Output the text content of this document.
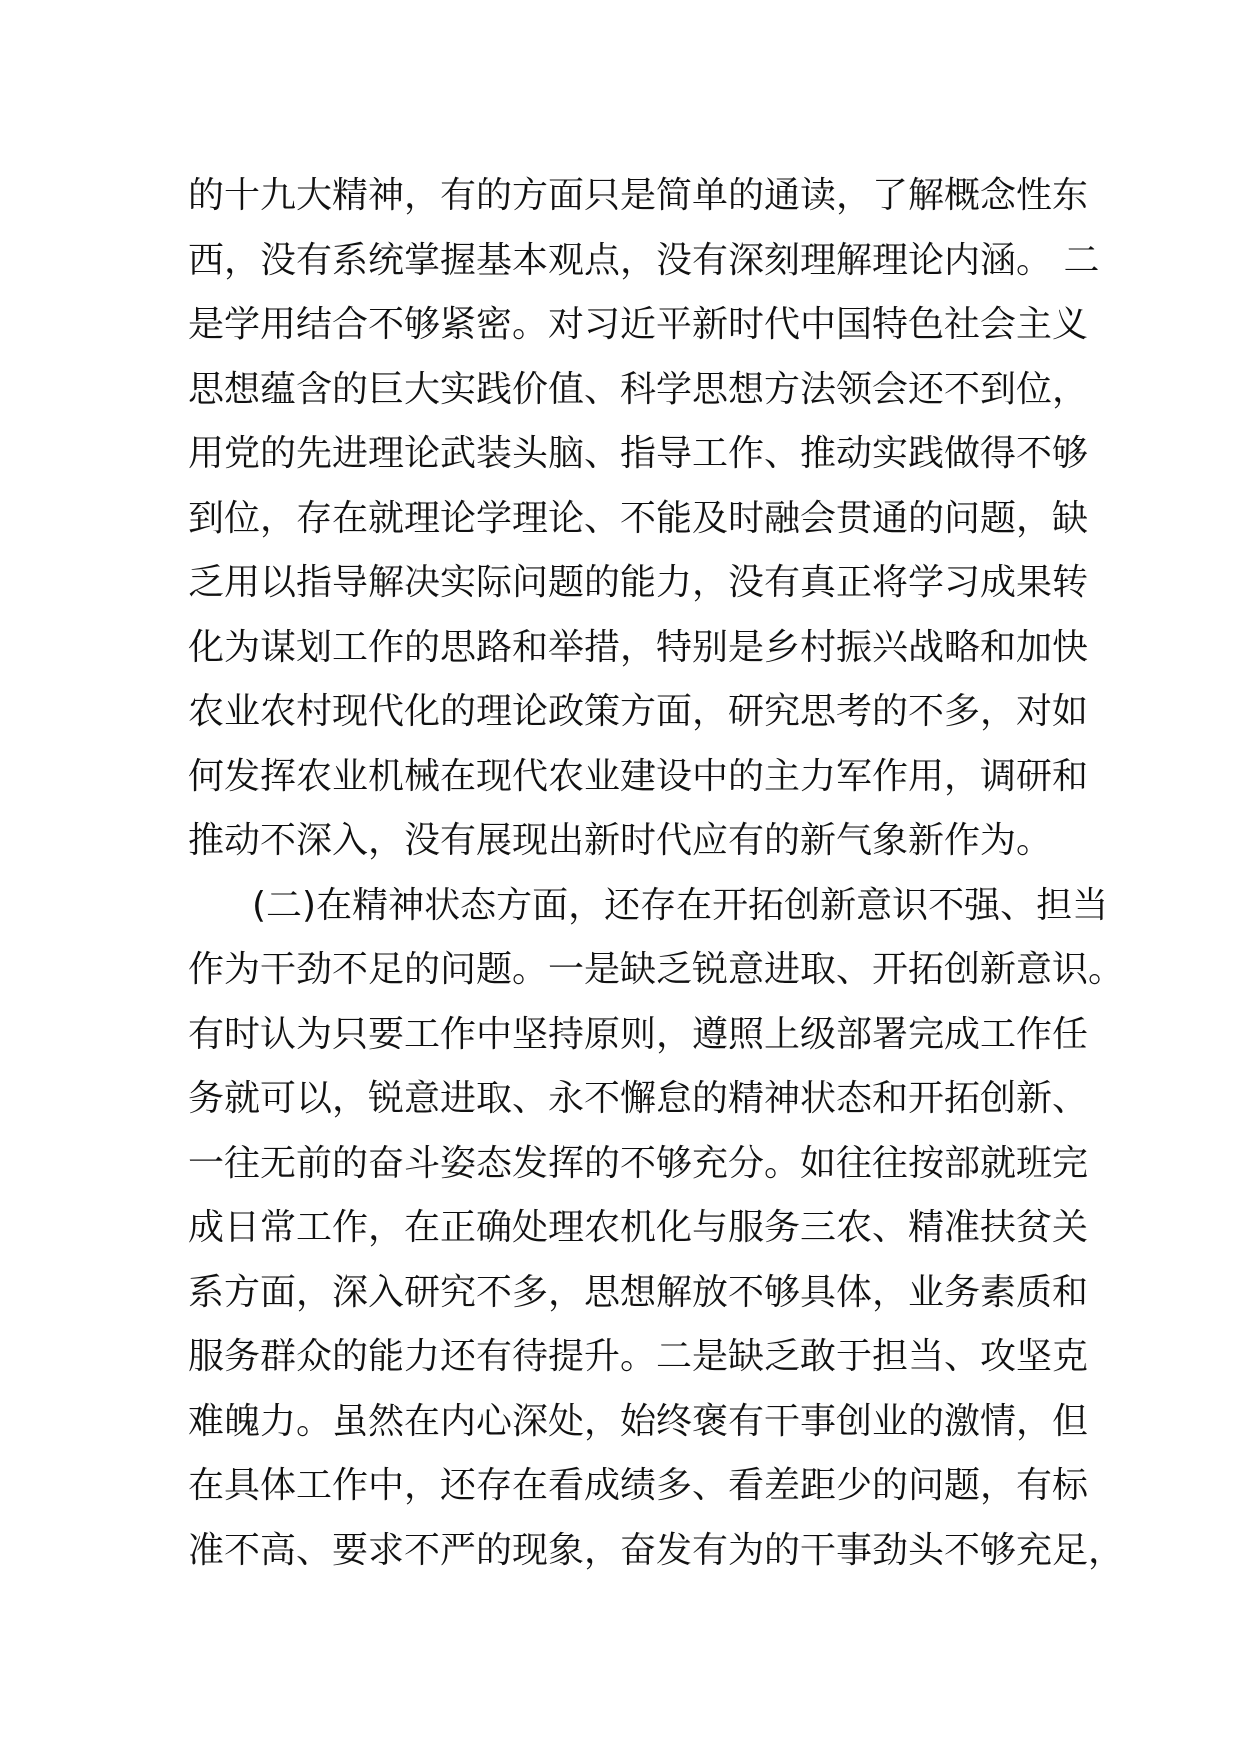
的十九大精神，有的方面只是简单的通读，了解概念性东
西，没有系统掌握基本观点，没有深刻理解理论内涵。 二
是学用结合不够紧密。对习近平新时代中国特色社会主义
思想蕴含的巨大实践价值、科学思想方法领会还不到位，
用党的先进理论武装头脑、指导工作、推动实践做得不够
到位，存在就理论学理论、不能及时融会贯通的问题，缺
乏用以指导解决实际问题的能力，没有真正将学习成果转
化为谋划工作的思路和举措，特别是乡村振兴战略和加快
农业农村现代化的理论政策方面，研究思考的不多，对如
何发挥农业机械在现代农业建设中的主力军作用，调研和
推动不深入，没有展现出新时代应有的新气象新作为。
(二)在精神状态方面，还存在开拓创新意识不强、担当
作为干劲不足的问题。一是缺乏锐意进取、开拓创新意识。
有时认为只要工作中坚持原则，遵照上级部署完成工作任
务就可以，锐意进取、永不懈怠的精神状态和开拓创新、
一往无前的奋斗姿态发挥的不够充分。如往往按部就班完
成日常工作，在正确处理农机化与服务三农、精准扶贫关
系方面，深入研究不多，思想解放不够具体，业务素质和
服务群众的能力还有待提升。二是缺乏敢于担当、攻坚克
难魄力。虽然在内心深处，始终褒有干事创业的激情，但
在具体工作中，还存在看成绩多、看差距少的问题，有标
准不高、要求不严的现象，奋发有为的干事劲头不够充足，
